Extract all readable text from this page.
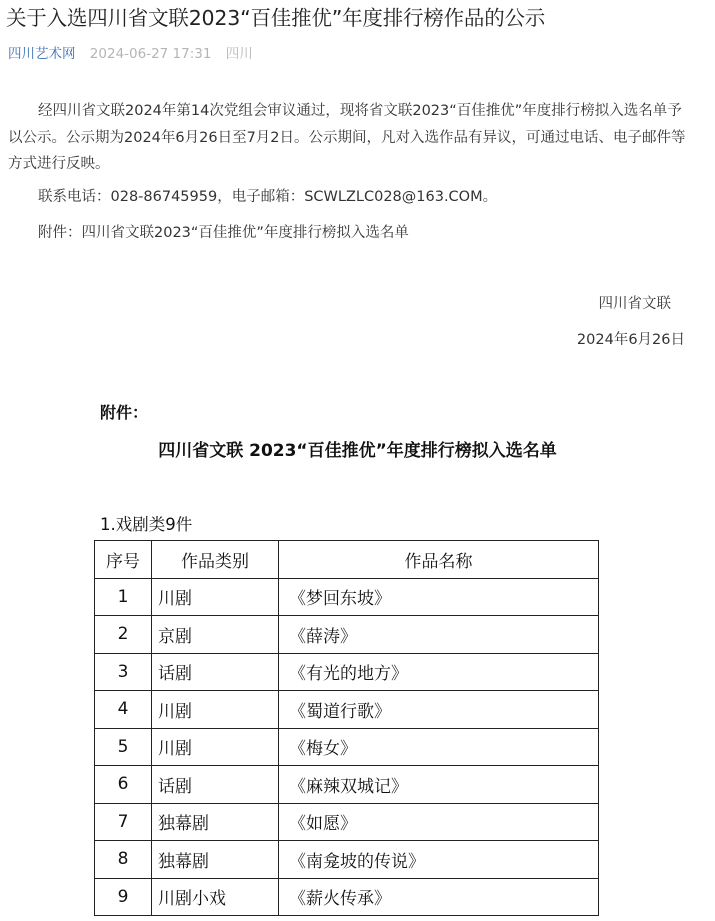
关于入选四川省文联2023“百佳推优”年度排行榜作品的公示
四川艺术网 2024-06-27 17:31 四川
经四川省文联2024年第14次党组会审议通过，现将省文联2023“百佳推优”年度排行榜拟入选名单予以公示。公示期为2024年6月26日至7月2日。公示期间，凡对入选作品有异议，可通过电话、电子邮件等方式进行反映。
联系电话：028-86745959，电子邮箱：SCWLZLC028@163.COM。
附件：四川省文联2023“百佳推优”年度排行榜拟入选名单
四川省文联
2024年6月26日
附件：
四川省文联 2023“百佳推优”年度排行榜拟入选名单
1.戏剧类9件
序号	作品类别	作品名称
1	川剧	《梦回东坡》
2	京剧	《薛涛》
3	话剧	《有光的地方》
4	川剧	《蜀道行歌》
5	川剧	《梅女》
6	话剧	《麻辣双城记》
7	独幕剧	《如愿》
8	独幕剧	《南龛坡的传说》
9	川剧小戏	《薪火传承》
